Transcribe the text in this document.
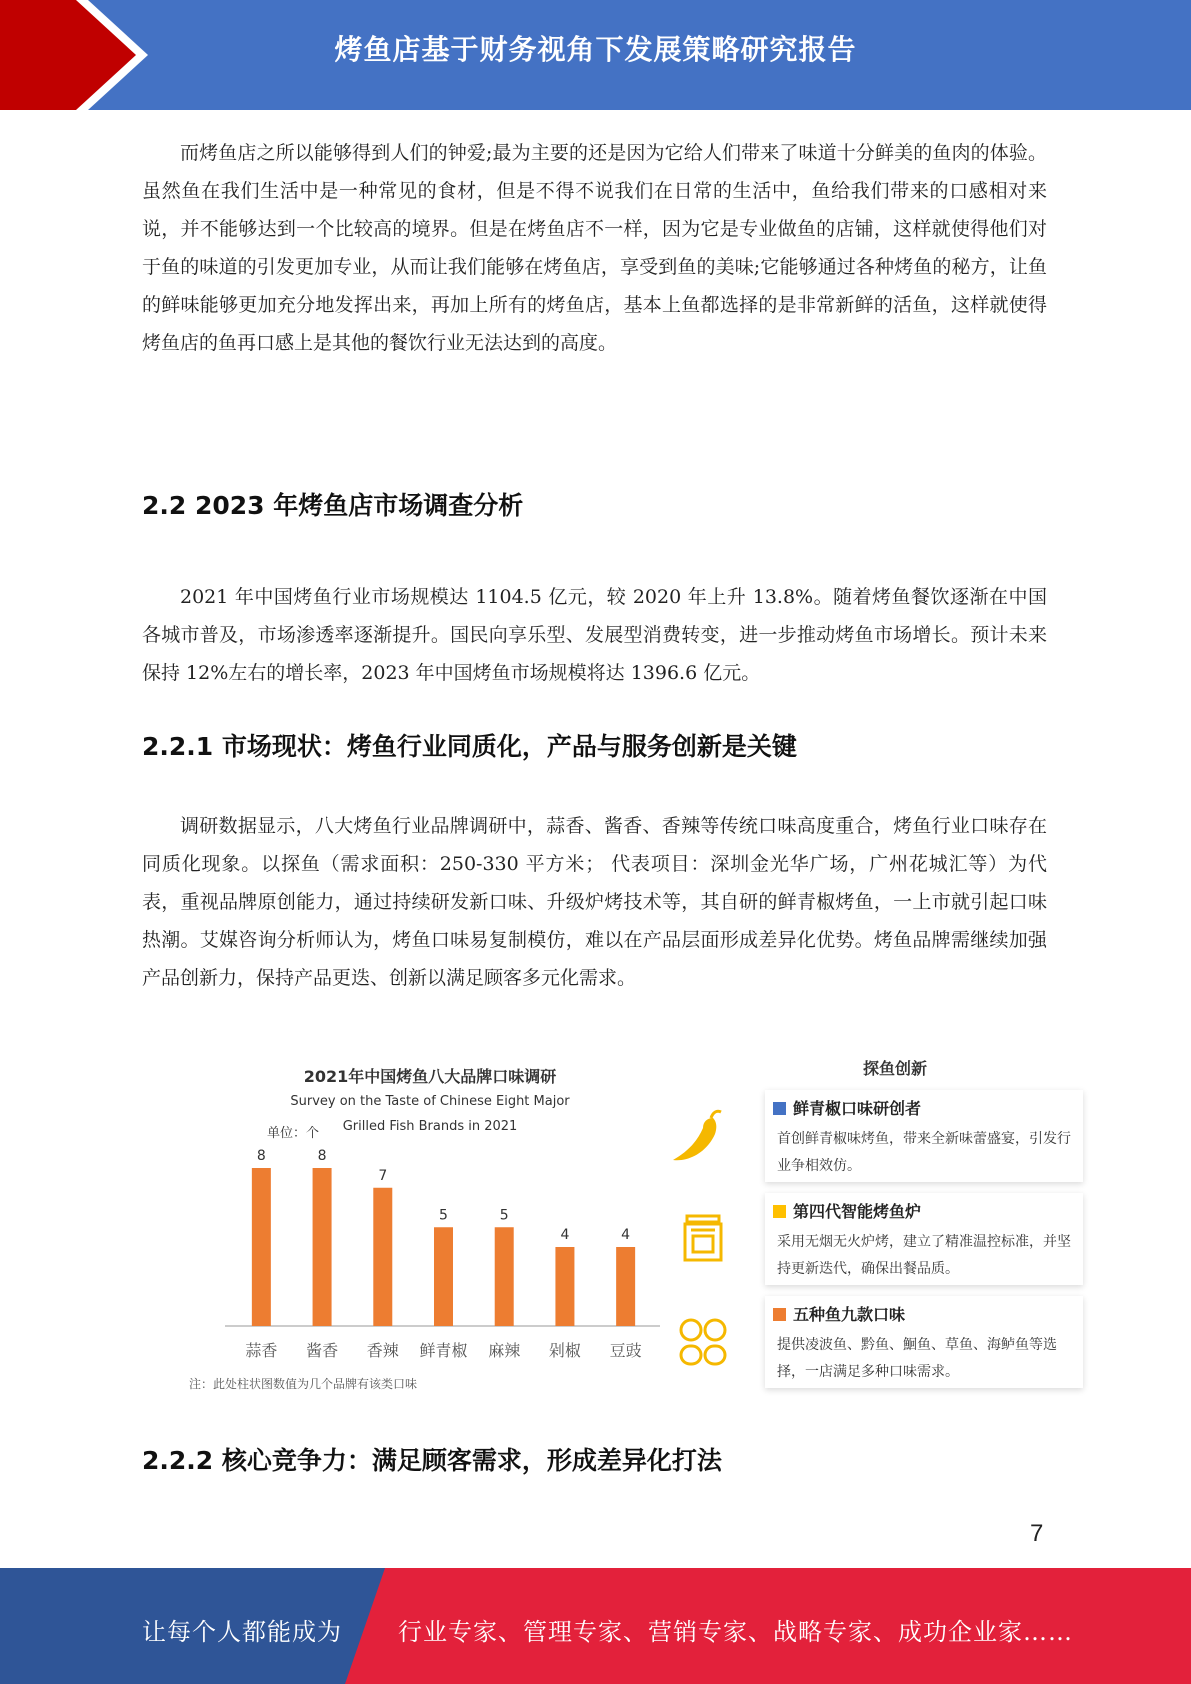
烤鱼店基于财务视角下发展策略研究报告

而烤鱼店之所以能够得到人们的钟爱;最为主要的还是因为它给人们带来了味道十分鲜美的鱼肉的体验。虽然鱼在我们生活中是一种常见的食材，但是不得不说我们在日常的生活中，鱼给我们带来的口感相对来说，并不能够达到一个比较高的境界。但是在烤鱼店不一样，因为它是专业做鱼的店铺，这样就使得他们对于鱼的味道的引发更加专业，从而让我们能够在烤鱼店，享受到鱼的美味;它能够通过各种烤鱼的秘方，让鱼的鲜味能够更加充分地发挥出来，再加上所有的烤鱼店，基本上鱼都选择的是非常新鲜的活鱼，这样就使得烤鱼店的鱼再口感上是其他的餐饮行业无法达到的高度。

2.2 2023 年烤鱼店市场调查分析

2021 年中国烤鱼行业市场规模达 1104.5 亿元，较 2020 年上升 13.8%。随着烤鱼餐饮逐渐在中国各城市普及，市场渗透率逐渐提升。国民向享乐型、发展型消费转变，进一步推动烤鱼市场增长。预计未来保持 12%左右的增长率，2023 年中国烤鱼市场规模将达 1396.6 亿元。

2.2.1 市场现状：烤鱼行业同质化，产品与服务创新是关键

调研数据显示，八大烤鱼行业品牌调研中，蒜香、酱香、香辣等传统口味高度重合，烤鱼行业口味存在同质化现象。以探鱼（需求面积：250-330 平方米； 代表项目：深圳金光华广场，广州花城汇等）为代表，重视品牌原创能力，通过持续研发新口味、升级炉烤技术等，其自研的鲜青椒烤鱼，一上市就引起口味热潮。艾媒咨询分析师认为，烤鱼口味易复制模仿，难以在产品层面形成差异化优势。烤鱼品牌需继续加强产品创新力，保持产品更迭、创新以满足顾客多元化需求。

2021年中国烤鱼八大品牌口味调研
Survey on the Taste of Chinese Eight Major
Grilled Fish Brands in 2021
单位：个
8
蒜香
8
酱香
7
香辣
5
鲜青椒
5
麻辣
4
剁椒
4
豆豉
注：此处柱状图数值为几个品牌有该类口味
探鱼创新
鲜青椒口味研创者
首创鲜青椒味烤鱼，带来全新味蕾盛宴，引发行业争相效仿。
第四代智能烤鱼炉
采用无烟无火炉烤，建立了精准温控标准，并坚持更新迭代，确保出餐品质。
五种鱼九款口味
提供凌波鱼、黔鱼、鮰鱼、草鱼、海鲈鱼等选择，一店满足多种口味需求。
2.2.2 核心竞争力：满足顾客需求，形成差异化打法
7
让每个人都能成为 行业专家、管理专家、营销专家、战略专家、成功企业家……
